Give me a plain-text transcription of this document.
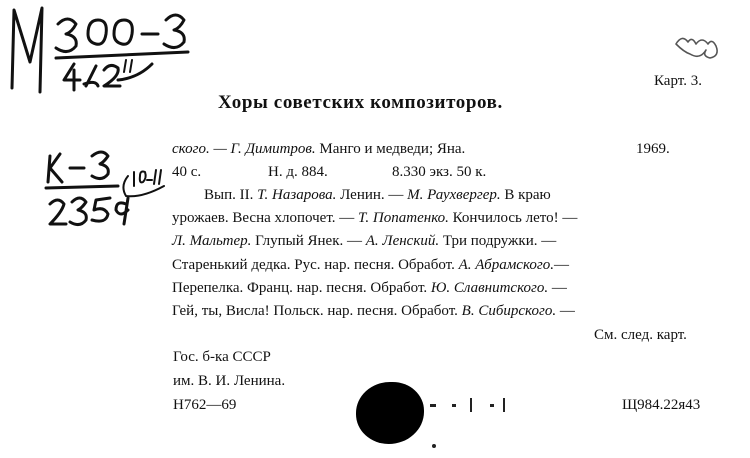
Карт. 3.
Хоры советских композиторов.
ского. — Г. Димитров. Манго и медведи; Яна.	1969.
40 с.	Н. д. 884.	8.330 экз. 50 к.
Вып. II. Т. Назарова. Ленин. — М. Раухвергер. В краю
урожаев. Весна хлопочет. — Т. Попатенко. Кончилось лето! —
Л. Мальтер. Глупый Янек. — А. Ленский. Три подружки. —
Старенький дедка. Рус. нар. песня. Обработ. А. Абрамского.—
Перепелка. Франц. нар. песня. Обработ. Ю. Славнитского. —
Гей, ты, Висла! Польск. нар. песня. Обработ. В. Сибирского. —
См. след. карт.
Гос. б-ка СССР
им. В. И. Ленина.
Н762—69	Щ984.22я43
